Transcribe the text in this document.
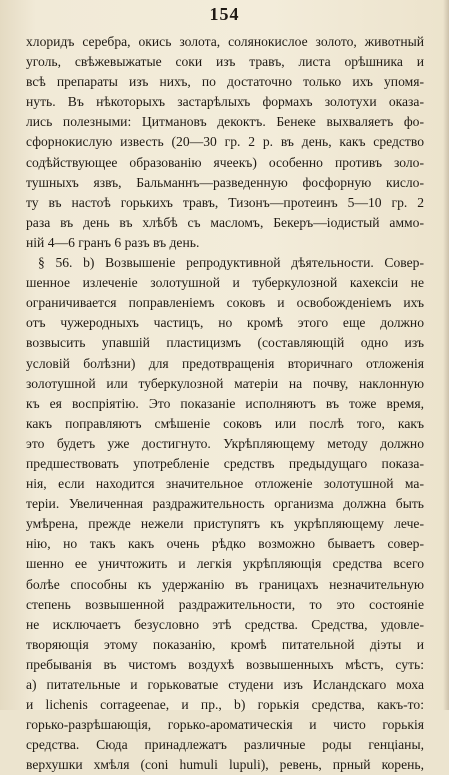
154
хлоридъ серебра, окись золота, солянокислое золото, животный
уголь, свѣжевыжатые соки изъ травъ, листа орѣшника и
всѣ препараты изъ нихъ, по достаточно только ихъ упомя-
нуть. Въ нѣкоторыхъ застарѣлыхъ формахъ золотухи оказа-
лись полезными: Цитмановъ декоктъ. Бенеке выхваляетъ фо-
сфорнокислую известь (20—30 гр. 2 р. въ день, какъ средство
содѣйствующее образованію ячеекъ) особенно противъ золо-
тушныхъ язвъ, Бальманнъ—разведенную фосфорную кисло-
ту въ настоѣ горькихъ травъ, Тизонъ—протеинъ 5—10 гр. 2
раза въ день въ хлѣбѣ съ масломъ, Бекеръ—іодистый аммо-
ній 4—6 гранъ 6 разъ въ день.
§ 56. b) Возвышеніе репродуктивной дѣятельности. Совер-
шенное излеченіе золотушной и туберкулозной кахексіи не
ограничивается поправленіемъ соковъ и освобожденіемъ ихъ
отъ чужеродныхъ частицъ, но кромѣ этого еще должно
возвысить упавшій пластицизмъ (составляющій одно изъ
условій болѣзни) для предотвращенія вторичнаго отложенія
золотушной или туберкулозной матеріи на почву, наклонную
къ ея воспріятію. Это показаніе исполняютъ въ тоже время,
какъ поправляютъ смѣшеніе соковъ или послѣ того, какъ
это будетъ уже достигнуто. Укрѣпляющему методу должно
предшествовать употребленіе средствъ предыдущаго показа-
нія, если находится значительное отложеніе золотушной ма-
теріи. Увеличенная раздражительность организма должна быть
умѣрена, прежде нежели приступятъ къ укрѣпляющему лече-
нію, но такъ какъ очень рѣдко возможно бываетъ совер-
шенно ее уничтожить и легкія укрѣпляющія средства всего
болѣе способны къ удержанію въ границахъ незначительную
степень возвышенной раздражительности, то это состояніе
не исключаетъ безусловно этѣ средства. Средства, удовле-
творяющія этому показанію, кромѣ питательной діэты и
пребыванія въ чистомъ воздухѣ возвышенныхъ мѣстъ, суть:
а) питательные и горьковатые студени изъ Исландскаго моха
и lichenis corrageenae, и пр., b) горькія средства, какъ-то:
горько-разрѣшающія, горько-ароматическія и чисто горькія
средства. Сюда принадлежатъ различные роды генціаны,
верхушки хмѣля (coni humuli lupuli), ревень, прный корень,
